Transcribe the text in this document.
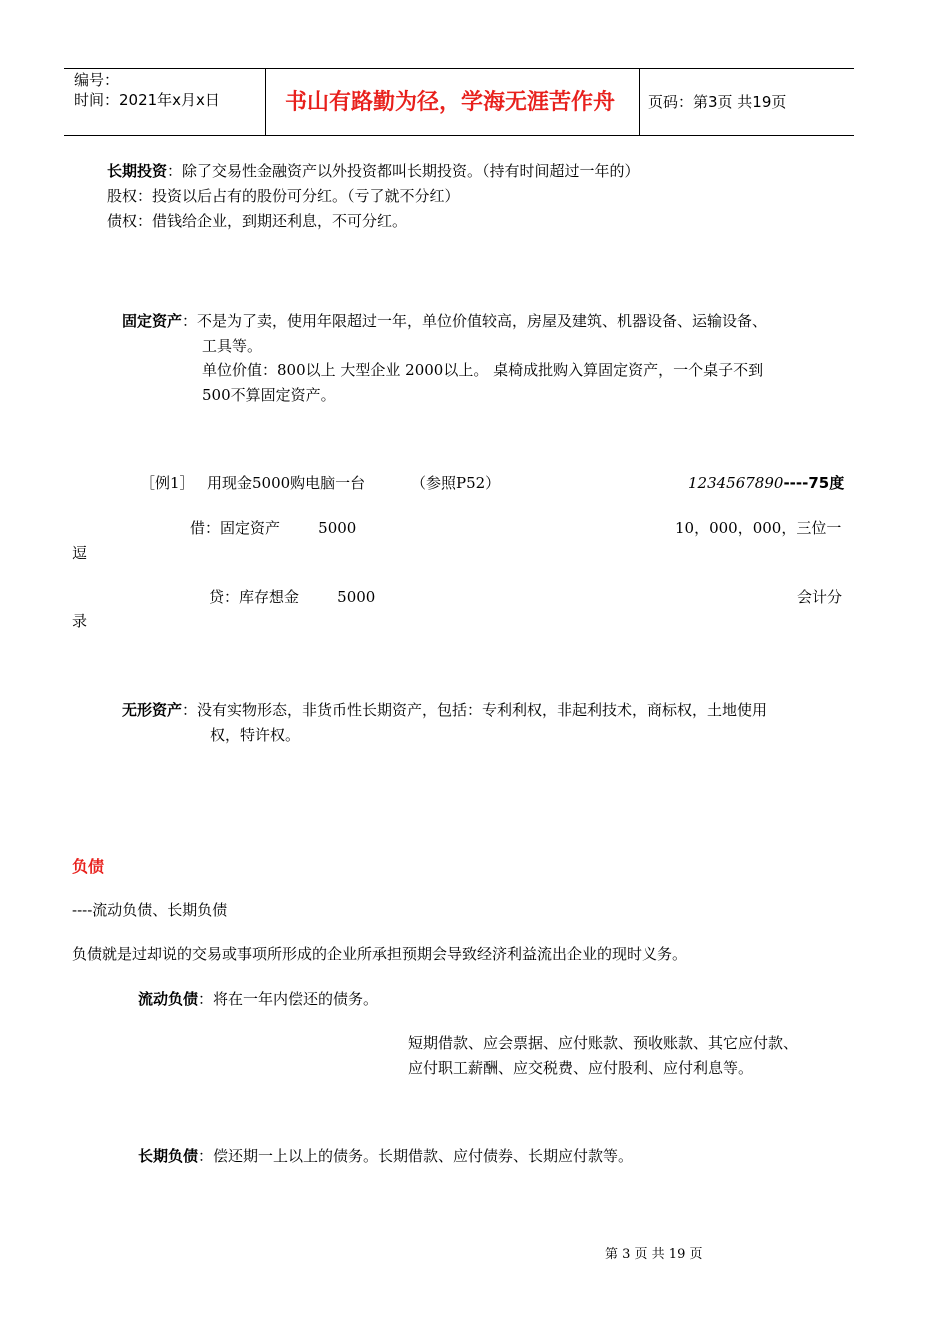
编号：
时间：2021年x月x日	书山有路勤为径，学海无涯苦作舟 页码：第3页 共19页
长期投资：除了交易性金融资产以外投资都叫长期投资。（持有时间超过一年的）
股权：投资以后占有的股份可分红。（亏了就不分红）
债权：借钱给企业，到期还利息，不可分红。
固定资产：不是为了卖，使用年限超过一年，单位价值较高，房屋及建筑、机器设备、运输设备、
工具等。
单位价值：800以上 大型企业 2000以上。 桌椅成批购入算固定资产，一个桌子不到
500不算固定资产。
［例1］ 用现金5000购电脑一台	（参照P52）	1234567890----75度
借：固定资产        5000	10，000，000，三位一
逗
贷：库存想金        5000	会计分
录
无形资产：没有实物形态，非货币性长期资产，包括：专利利权，非起利技术，商标权，土地使用
权，特许权。
负债
----流动负债、长期负债
负债就是过却说的交易或事项所形成的企业所承担预期会导致经济利益流出企业的现时义务。
流动负债：将在一年内偿还的债务。
短期借款、应会票据、应付账款、预收账款、其它应付款、
应付职工薪酬、应交税费、应付股利、应付利息等。
长期负债：偿还期一上以上的债务。长期借款、应付债券、长期应付款等。
第 3 页 共 19 页
